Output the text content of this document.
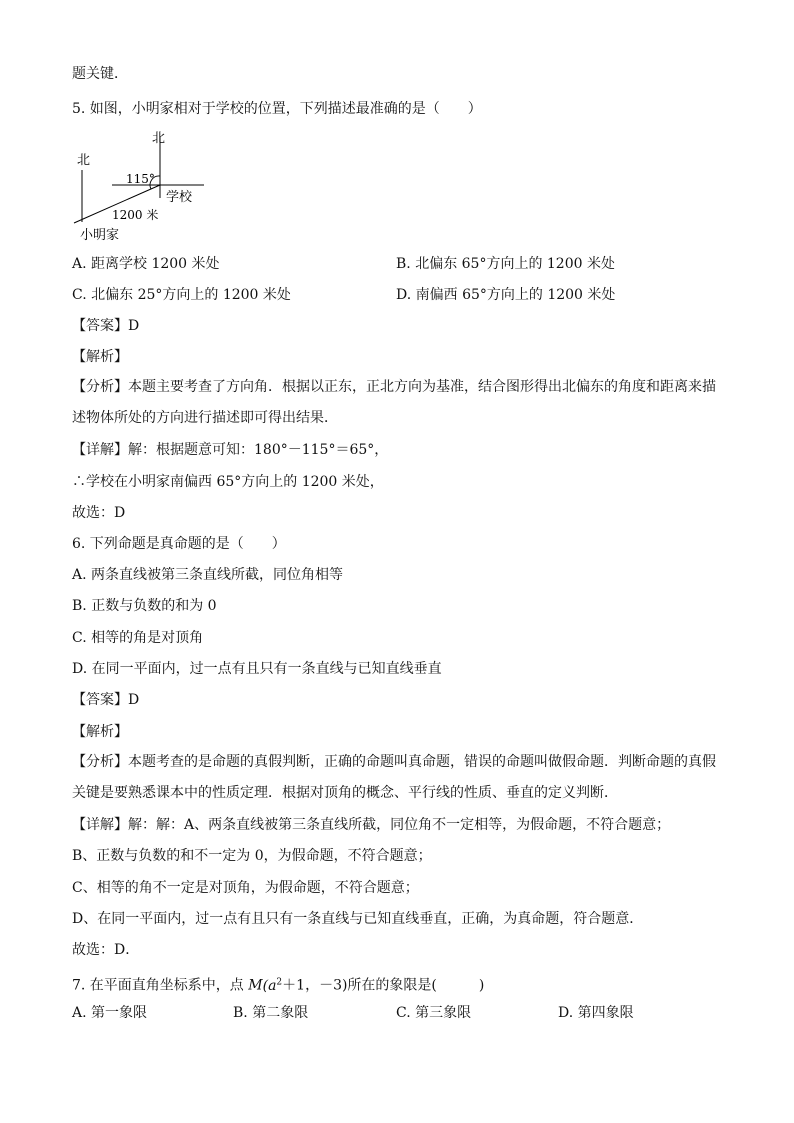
题关键．
5. 如图，小明家相对于学校的位置，下列描述最准确的是（　　）
北
北
115°
学校
1200 米
小明家
A. 距离学校 1200 米处	B. 北偏东 65°方向上的 1200 米处
C. 北偏东 25°方向上的 1200 米处	D. 南偏西 65°方向上的 1200 米处
【答案】D
【解析】
【分析】本题主要考查了方向角．根据以正东，正北方向为基准，结合图形得出北偏东的角度和距离来描述物体所处的方向进行描述即可得出结果．
【详解】解：根据题意可知：180°－115°＝65°，
∴学校在小明家南偏西 65°方向上的 1200 米处，
故选：D
6. 下列命题是真命题的是（　　）
A. 两条直线被第三条直线所截，同位角相等
B. 正数与负数的和为 0
C. 相等的角是对顶角
D. 在同一平面内，过一点有且只有一条直线与已知直线垂直
【答案】D
【解析】
【分析】本题考查的是命题的真假判断，正确的命题叫真命题，错误的命题叫做假命题．判断命题的真假关键是要熟悉课本中的性质定理．根据对顶角的概念、平行线的性质、垂直的定义判断．
【详解】解：解：A、两条直线被第三条直线所截，同位角不一定相等，为假命题，不符合题意；
B、正数与负数的和不一定为 0，为假命题，不符合题意；
C、相等的角不一定是对顶角，为假命题，不符合题意；
D、在同一平面内，过一点有且只有一条直线与已知直线垂直，正确，为真命题，符合题意．
故选：D．
7. 在平面直角坐标系中，点 $M(a^2+1$，－3)所在的象限是(　　　)
A. 第一象限	B. 第二象限	C. 第三象限	D. 第四象限
